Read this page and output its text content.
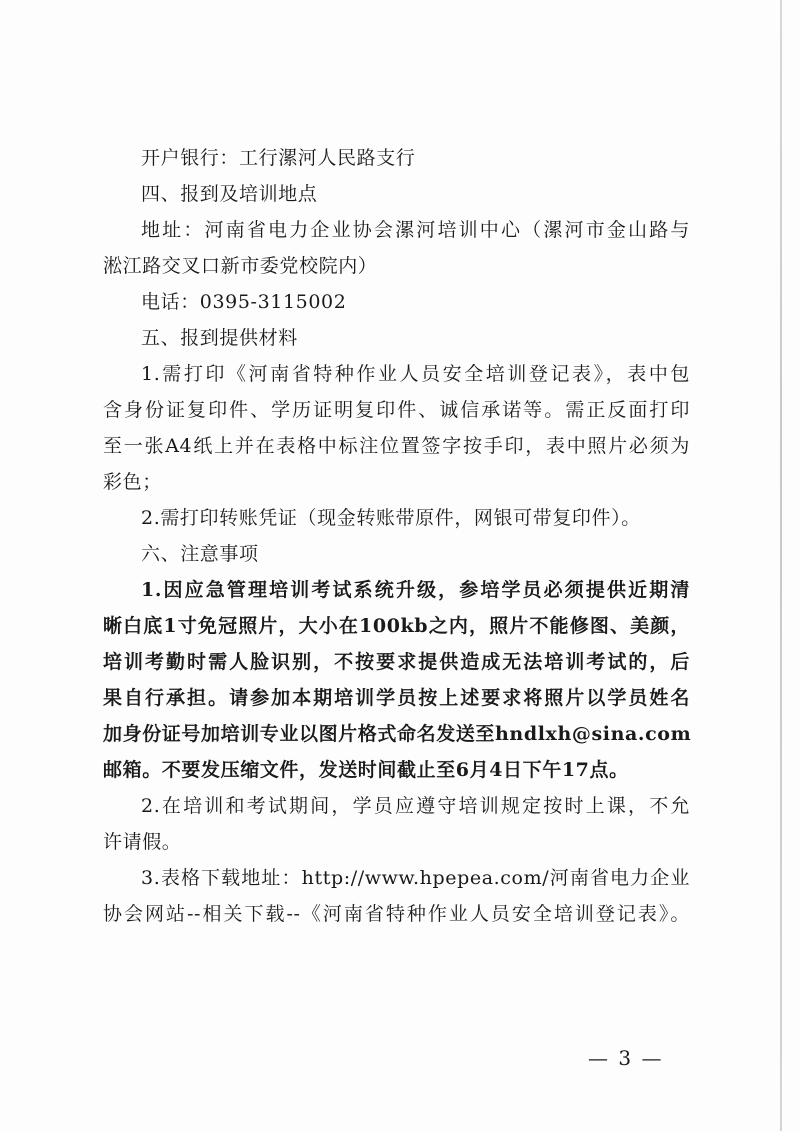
开户银行：工行漯河人民路支行
四、报到及培训地点
地址：河南省电力企业协会漯河培训中心（漯河市金山路与
淞江路交叉口新市委党校院内）
电话：0395-3115002
五、报到提供材料
1.需打印《河南省特种作业人员安全培训登记表》，表中包
含身份证复印件、学历证明复印件、诚信承诺等。需正反面打印
至一张A4纸上并在表格中标注位置签字按手印，表中照片必须为
彩色；
2.需打印转账凭证（现金转账带原件，网银可带复印件）。
六、注意事项
1.因应急管理培训考试系统升级，参培学员必须提供近期清
晰白底1寸免冠照片，大小在100kb之内，照片不能修图、美颜，
培训考勤时需人脸识别，不按要求提供造成无法培训考试的，后
果自行承担。请参加本期培训学员按上述要求将照片以学员姓名
加身份证号加培训专业以图片格式命名发送至hndlxh@sina.com
邮箱。不要发压缩文件，发送时间截止至6月4日下午17点。
2.在培训和考试期间，学员应遵守培训规定按时上课，不允
许请假。
3.表格下载地址：http://www.hpepea.com/河南省电力企业
协会网站--相关下载--《河南省特种作业人员安全培训登记表》。
— 3 —
